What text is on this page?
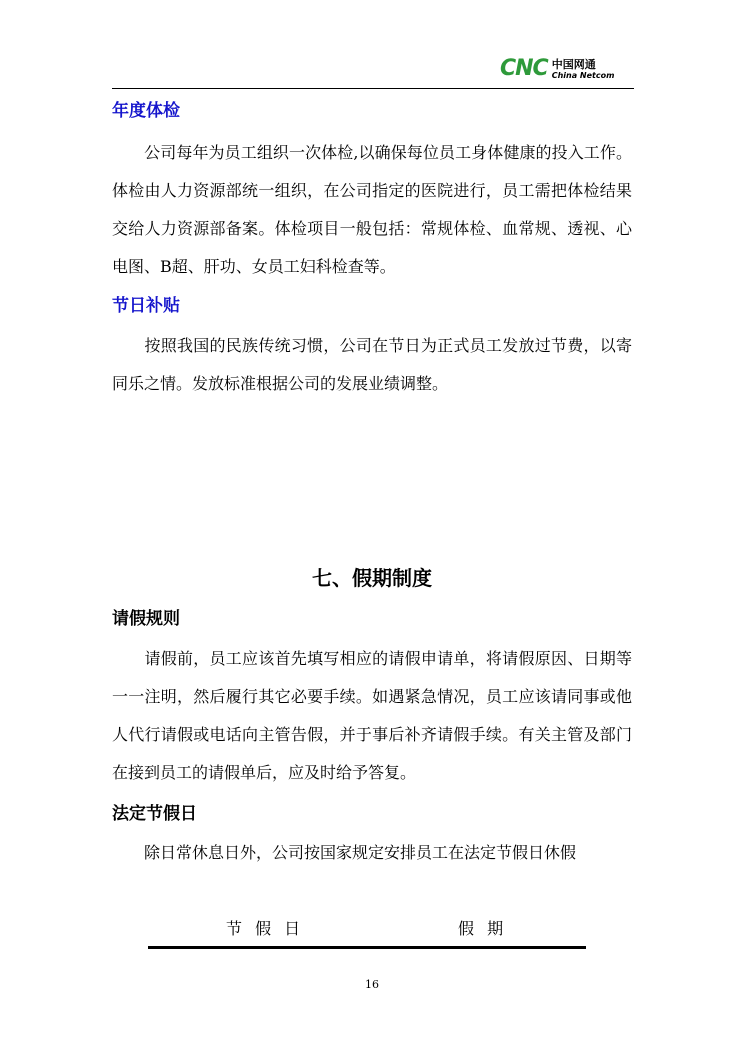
CNC 中国网通
China Netcom
年度体检
　　公司每年为员工组织一次体检,以确保每位员工身体健康的投入工作。体检由人力资源部统一组织，在公司指定的医院进行，员工需把体检结果交给人力资源部备案。体检项目一般包括：常规体检、血常规、透视、心电图、B超、肝功、女员工妇科检查等。
节日补贴
　　按照我国的民族传统习惯，公司在节日为正式员工发放过节费，以寄同乐之情。发放标准根据公司的发展业绩调整。
七、假期制度
请假规则
　　请假前，员工应该首先填写相应的请假申请单，将请假原因、日期等一一注明，然后履行其它必要手续。如遇紧急情况，员工应该请同事或他人代行请假或电话向主管告假，并于事后补齐请假手续。有关主管及部门在接到员工的请假单后，应及时给予答复。
法定节假日
　　除日常休息日外，公司按国家规定安排员工在法定节假日休假
节 假 日	假 期
16
